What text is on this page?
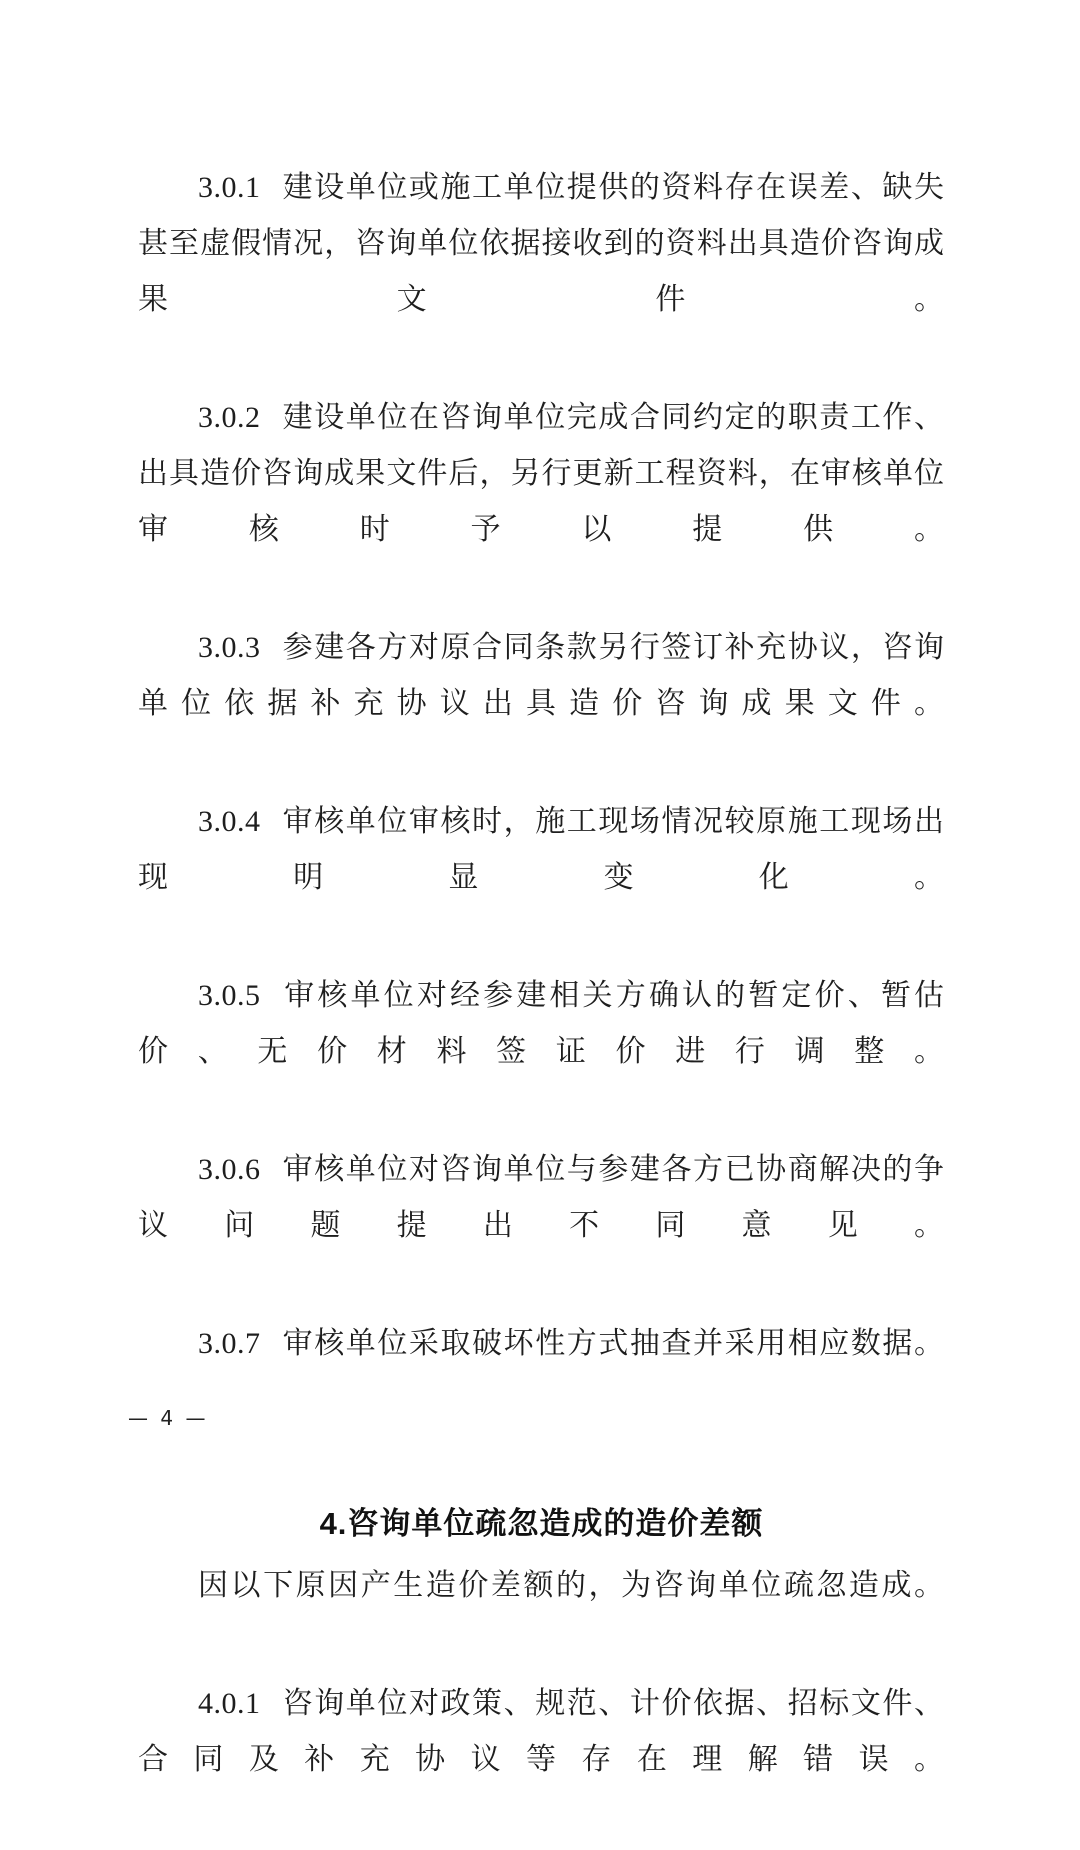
3.0.1 建设单位或施工单位提供的资料存在误差、缺失甚至虚假情况，咨询单位依据接收到的资料出具造价咨询成果文件。

3.0.2 建设单位在咨询单位完成合同约定的职责工作、出具造价咨询成果文件后，另行更新工程资料，在审核单位审核时予以提供。

3.0.3 参建各方对原合同条款另行签订补充协议，咨询单位依据补充协议出具造价咨询成果文件。

3.0.4 审核单位审核时，施工现场情况较原施工现场出现明显变化。

3.0.5 审核单位对经参建相关方确认的暂定价、暂估价、无价材料签证价进行调整。

3.0.6 审核单位对咨询单位与参建各方已协商解决的争议问题提出不同意见。

3.0.7 审核单位采取破坏性方式抽查并采用相应数据。

4.咨询单位疏忽造成的造价差额

因以下原因产生造价差额的，为咨询单位疏忽造成。

4.0.1 咨询单位对政策、规范、计价依据、招标文件、合同及补充协议等存在理解错误。

— 4 —
